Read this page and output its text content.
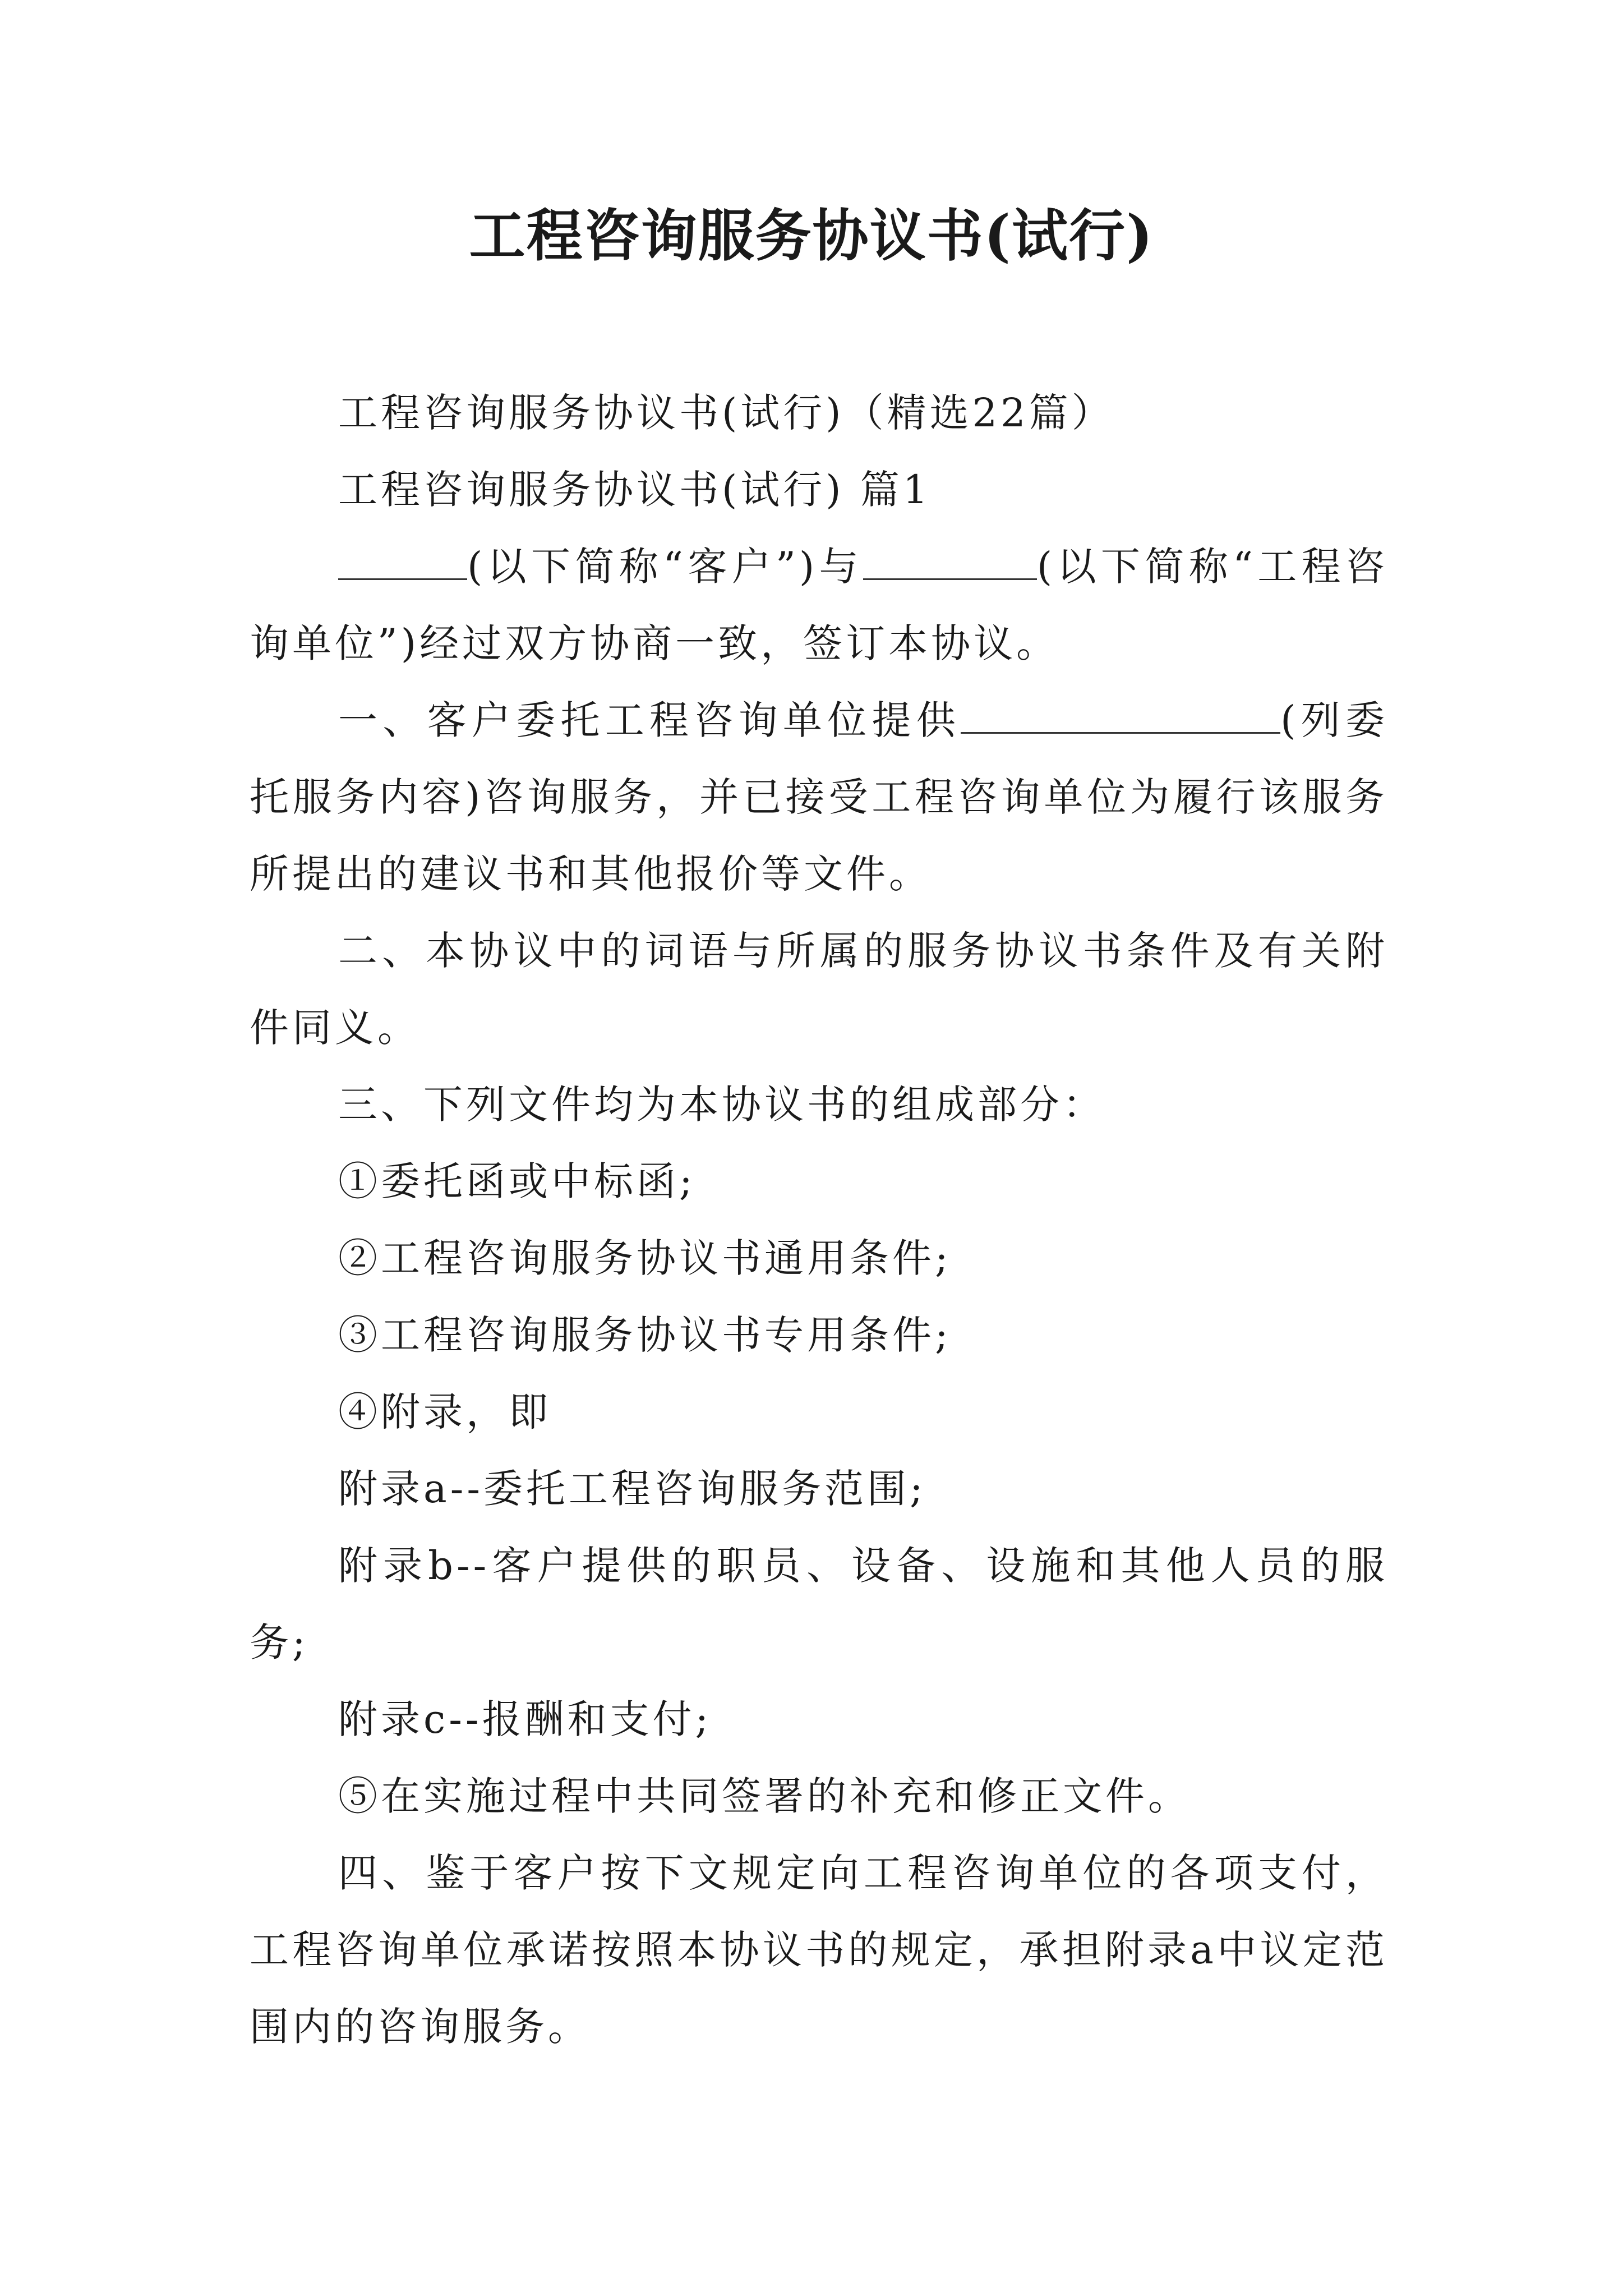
工程咨询服务协议书(试行)

工程咨询服务协议书(试行)（精选22篇）

工程咨询服务协议书(试行) 篇1

(以下简称“客户”)与	(以下简称“工程咨询单位”)经过双方协商一致，签订本协议。

一、客户委托工程咨询单位提供	(列委托服务内容)咨询服务，并已接受工程咨询单位为履行该服务所提出的建议书和其他报价等文件。

二、本协议中的词语与所属的服务协议书条件及有关附件同义。

三、下列文件均为本协议书的组成部分：

①委托函或中标函;

②工程咨询服务协议书通用条件;

③工程咨询服务协议书专用条件;

④附录，即

附录a--委托工程咨询服务范围;

附录b--客户提供的职员、设备、设施和其他人员的服务;

附录c--报酬和支付;

⑤在实施过程中共同签署的补充和修正文件。

四、鉴于客户按下文规定向工程咨询单位的各项支付，工程咨询单位承诺按照本协议书的规定，承担附录a中议定范围内的咨询服务。
